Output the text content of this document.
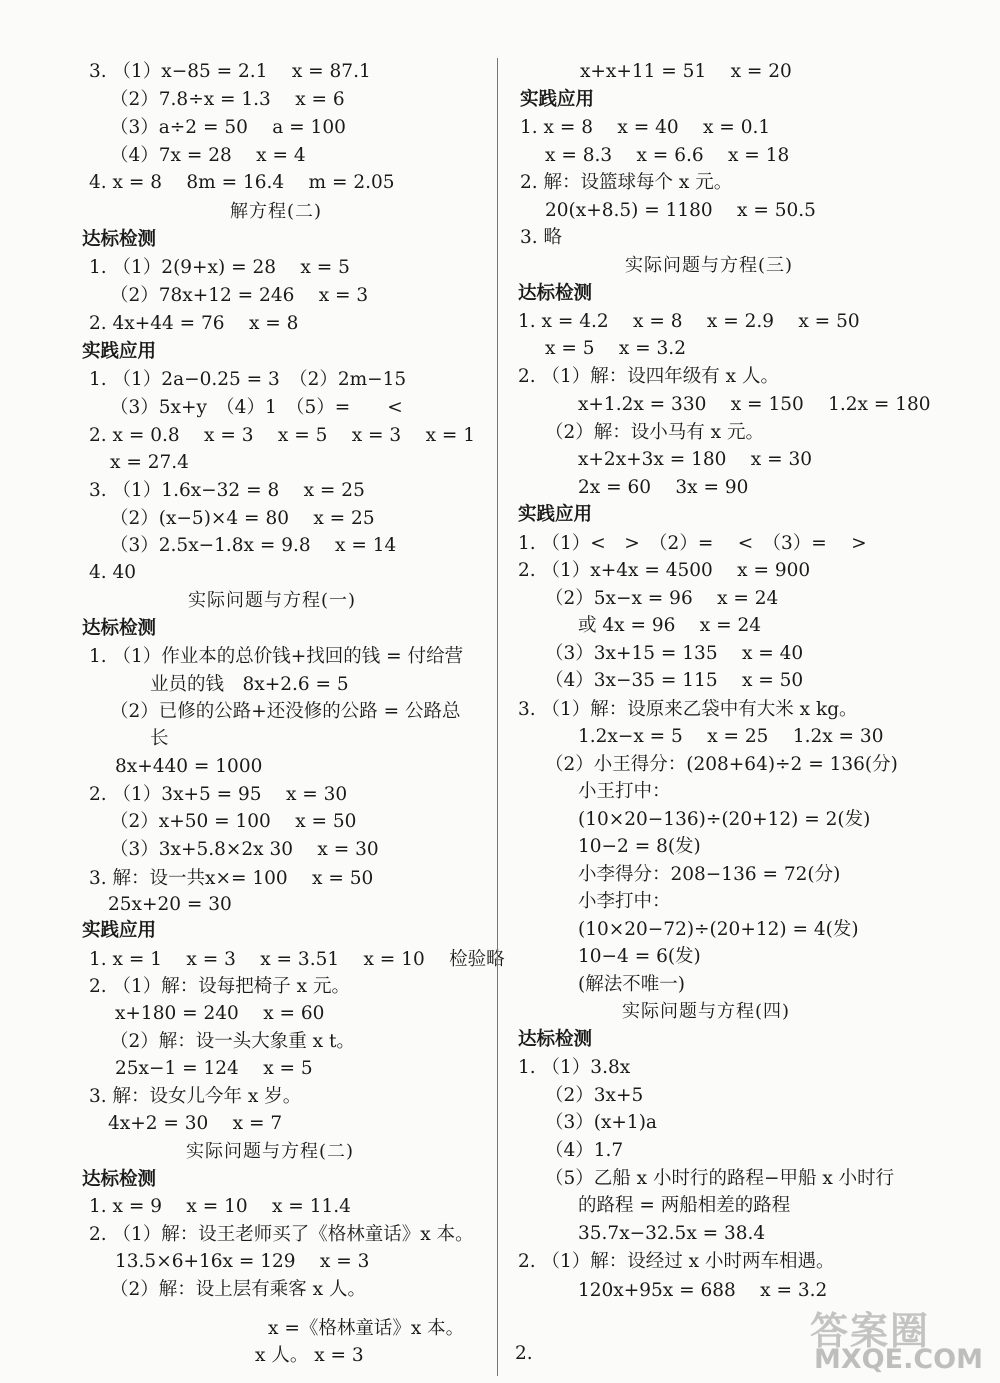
3. （1）x−85 = 2.1　 x = 87.1
（2）7.8÷x = 1.3　 x = 6
（3）a÷2 = 50　 a = 100
（4）7x = 28　 x = 4
4. x = 8　 8m = 16.4　 m = 2.05
解方程(二)
达标检测
1. （1）2(9+x) = 28　 x = 5
（2）78x+12 = 246　 x = 3
2. 4x+44 = 76　 x = 8
实践应用
1. （1）2a−0.25 = 3　（2）2m−15
（3）5x+y　（4）1　（5）=　　<
2. x = 0.8　 x = 3　 x = 5　 x = 3　 x = 1
x = 27.4
3. （1）1.6x−32 = 8　 x = 25
（2）(x−5)×4 = 80　 x = 25
（3）2.5x−1.8x = 9.8　 x = 14
4. 40
实际问题与方程(一)
达标检测
1. （1）作业本的总价钱+找回的钱 = 付给营
业员的钱　8x+2.6 = 5
（2）已修的公路+还没修的公路 = 公路总
长
8x+440 = 1000
2. （1）3x+5 = 95　 x = 30
（2）x+50 = 100　 x = 50
（3）3x+5.8×2x 30　 x = 30
3. 解：设一共x×= 100　 x = 50
25x+20 = 30
实践应用
1. x = 1　 x = 3　 x = 3.51　 x = 10　 检验略
2. （1）解：设每把椅子 x 元。
x+180 = 240　 x = 60
（2）解：设一头大象重 x t。
25x−1 = 124　 x = 5
3. 解：设女儿今年 x 岁。
4x+2 = 30　 x = 7
实际问题与方程(二)
达标检测
1. x = 9　 x = 10　 x = 11.4
2. （1）解：设王老师买了《格林童话》x 本。
13.5×6+16x = 129　 x = 3
（2）解：设上层有乘客 x 人。
x =《格林童话》x 本。
x 人。 x = 3
x+x+11 = 51　 x = 20
实践应用
1. x = 8　 x = 40　 x = 0.1
x = 8.3　 x = 6.6　 x = 18
2. 解：设篮球每个 x 元。
20(x+8.5) = 1180　 x = 50.5
3. 略
实际问题与方程(三)
达标检测
1. x = 4.2　 x = 8　 x = 2.9　 x = 50
x = 5　 x = 3.2
2. （1）解：设四年级有 x 人。
x+1.2x = 330　 x = 150　 1.2x = 180
（2）解：设小马有 x 元。
x+2x+3x = 180　 x = 30
2x = 60　 3x = 90
实践应用
1. （1）<　>　（2）=　 <　（3）=　 >
2. （1）x+4x = 4500　 x = 900
（2）5x−x = 96　 x = 24
或 4x = 96　 x = 24
（3）3x+15 = 135　 x = 40
（4）3x−35 = 115　 x = 50
3. （1）解：设原来乙袋中有大米 x kg。
1.2x−x = 5　 x = 25　 1.2x = 30
（2）小王得分：(208+64)÷2 = 136(分)
小王打中：
(10×20−136)÷(20+12) = 2(发)
10−2 = 8(发)
小李得分：208−136 = 72(分)
小李打中：
(10×20−72)÷(20+12) = 4(发)
10−4 = 6(发)
(解法不唯一)
实际问题与方程(四)
达标检测
1. （1）3.8x
（2）3x+5
（3）(x+1)a
（4）1.7
（5）乙船 x 小时行的路程−甲船 x 小时行
的路程 = 两船相差的路程
35.7x−32.5x = 38.4
2. （1）解：设经过 x 小时两车相遇。
120x+95x = 688　 x = 3.2
2.
答案圈
MXQE.COM
